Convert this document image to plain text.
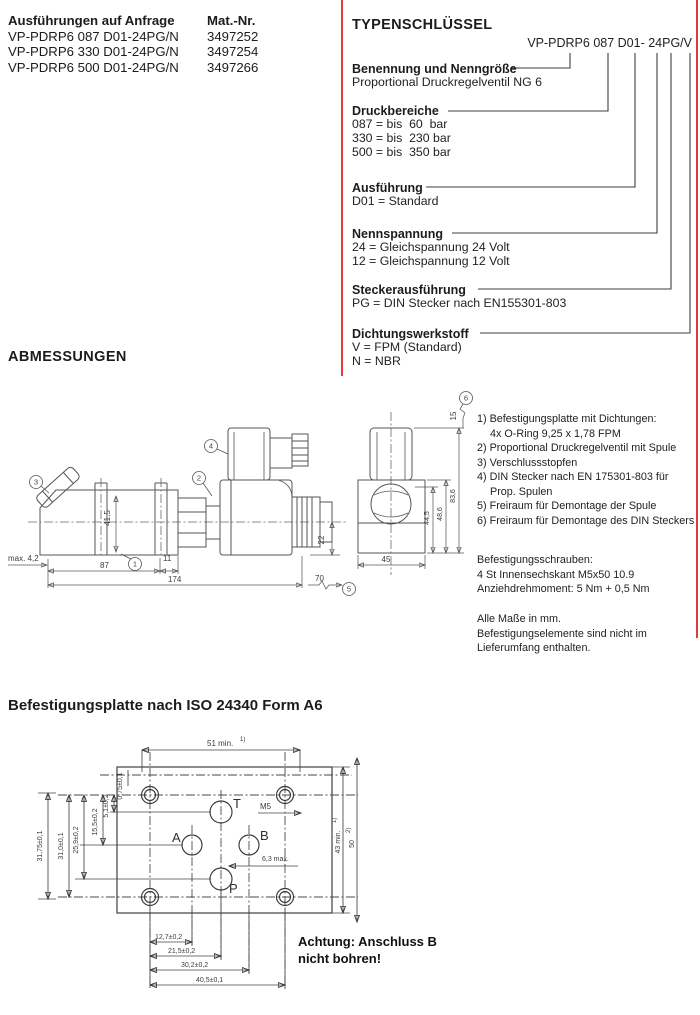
Ausführungen auf Anfrage	Mat.-Nr.
VP-PDRP6 087 D01-24PG/N	3497252
VP-PDRP6 330 D01-24PG/N	3497254
VP-PDRP6 500 D01-24PG/N	3497266
TYPENSCHLÜSSEL
VP-PDRP6 087 D01- 24PG/V
Benennung und Nenngröße
Proportional Druckregelventil NG 6
Druckbereiche
087 = bis  60  bar
330 = bis  230 bar
500 = bis  350 bar
Ausführung
D01 = Standard
Nennspannung
24 = Gleichspannung 24 Volt
12 = Gleichspannung 12 Volt
Steckerausführung
PG = DIN Stecker nach EN155301-803
Dichtungswerkstoff
V = FPM (Standard)
N = NBR
ABMESSUNGEN
41,5
3
4
2
1
max. 4,2
87
11
174	70
5
22
6
15
45
44,5 48,6
83,6
1) Befestigungsplatte mit Dichtungen:
4x O-Ring 9,25 x 1,78 FPM
2) Proportional Druckregelventil mit Spule
3) Verschlussstopfen
4) DIN Stecker nach EN 175301-803 für
Prop. Spulen
5) Freiraum für Demontage der Spule
6) Freiraum für Demontage des DIN Steckers
Befestigungsschrauben:
4 St Innensechskant M5x50 10.9
Anziehdrehmoment: 5 Nm + 0,5 Nm
Alle Maße in mm.
Befestigungselemente sind nicht im
Lieferumfang enthalten.
Befestigungsplatte nach ISO 24340 Form A6
T
A	B
P
M5
6,3 max.
51 min. 1)
31,75±0,1 31,0±0,1 25,9±0,2
15,5±0,2
5,1±0,2
0,75±0,1
43 min.
1)
50
2)
12,7±0,2
21,5±0,2
30,2±0,2
40,5±0,1
Achtung: Anschluss B
nicht bohren!
